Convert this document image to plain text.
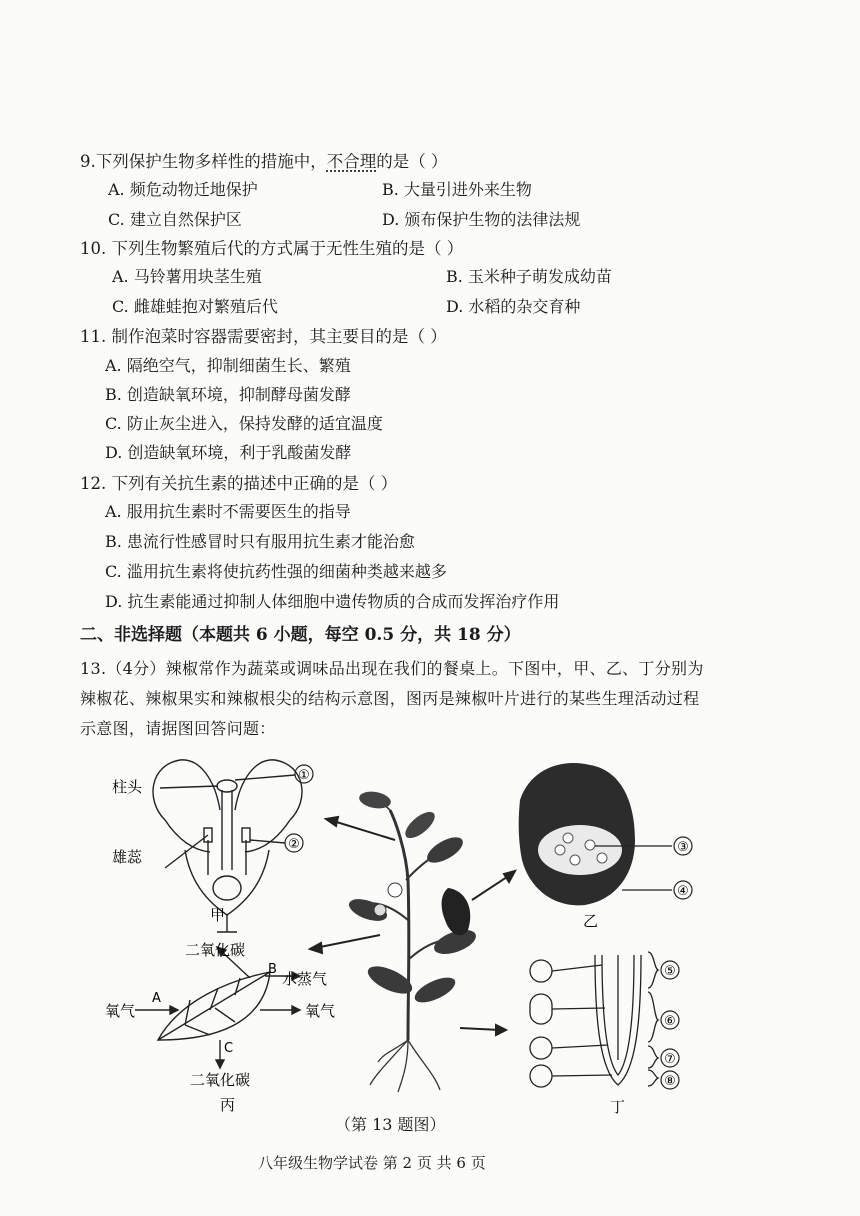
9.下列保护生物多样性的措施中，不合理的是（ ）
A. 频危动物迁地保护	B. 大量引进外来生物
C. 建立自然保护区	D. 颁布保护生物的法律法规
10. 下列生物繁殖后代的方式属于无性生殖的是（ ）
A. 马铃薯用块茎生殖	B. 玉米种子萌发成幼苗
C. 雌雄蛙抱对繁殖后代	D. 水稻的杂交育种
11. 制作泡菜时容器需要密封，其主要目的是（ ）
A. 隔绝空气，抑制细菌生长、繁殖
B. 创造缺氧环境，抑制酵母菌发酵
C. 防止灰尘进入，保持发酵的适宜温度
D. 创造缺氧环境，利于乳酸菌发酵
12. 下列有关抗生素的描述中正确的是（ ）
A. 服用抗生素时不需要医生的指导
B. 患流行性感冒时只有服用抗生素才能治愈
C. 滥用抗生素将使抗药性强的细菌种类越来越多
D. 抗生素能通过抑制人体细胞中遗传物质的合成而发挥治疗作用
二、非选择题（本题共 6 小题，每空 0.5 分，共 18 分）
13.（4分）辣椒常作为蔬菜或调味品出现在我们的餐桌上。下图中，甲、乙、丁分别为
辣椒花、辣椒果实和辣椒根尖的结构示意图，图丙是辣椒叶片进行的某些生理活动过程
示意图，请据图回答问题：
①
②
柱头
雄蕊
甲
③
④
乙
二氧化碳
B
水蒸气
A
氧气	氧气
C
二氧化碳
丙
⑤
⑥
⑦
⑧
丁
（第 13 题图）
八年级生物学试卷 第 2 页 共 6 页
